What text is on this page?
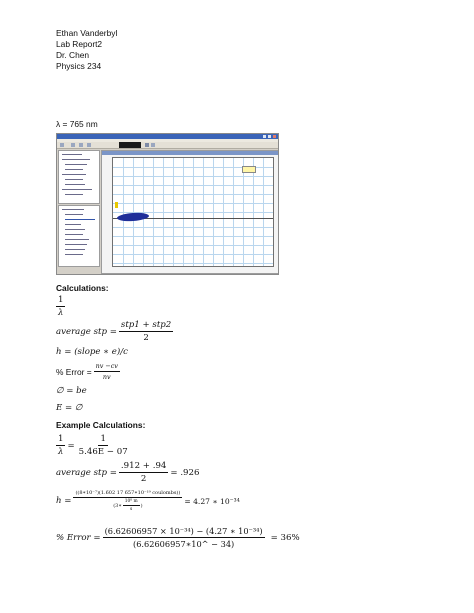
Ethan Vanderbyl
Lab Report2
Dr. Chen
Physics 234
λ = 765 nm
Calculations:
$\frac{1}{\lambda}$
average stp = $\frac{\text{stp1 + stp2}}{2}$
h = (slope ∗ e)/c
% Error = $\frac{nv -cv}{nv}$
∅ = be
E = ∅
Example Calculations:
$\frac{1}{\lambda} = \frac{1}{5.46E - 07}$
average stp = $\frac{.912 + .94}{2} = .926$
$h = \frac{\text{((8∗10⁻⁷)(1.602 17 657∗10⁻¹⁹ coulombs))}}{(3∗ \frac{\text{10⁸ m}}{s} )} = 4.27$ ∗ 10⁻³⁴
% Error = $\frac{\text{(6.62606957 × 10⁻³⁴) − (4.27 ∗ 10⁻³⁴)}}{(6.62606957∗10\^{} - 34)} = 36\%$
